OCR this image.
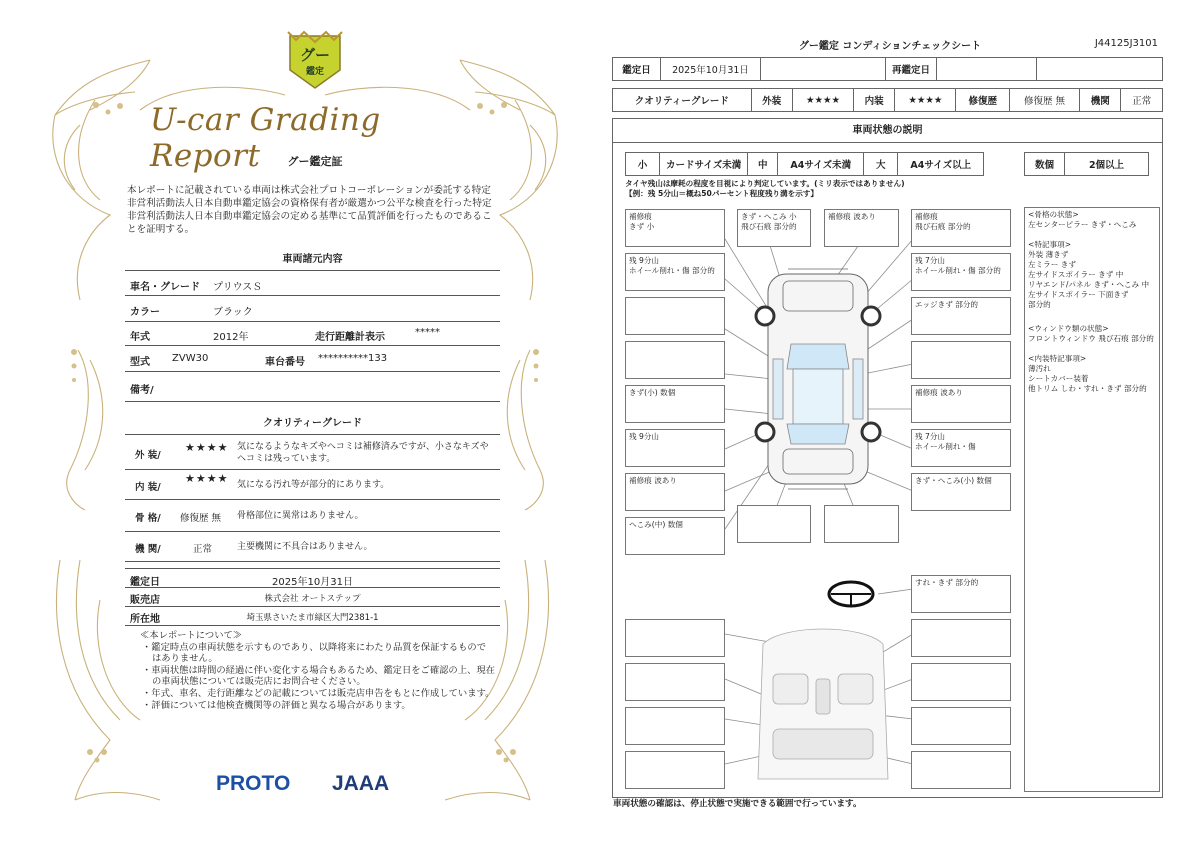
グー
鑑定
U-car Grading Report	グー鑑定証
本レポートに記載されている車両は株式会社プロトコーポレーションが委託する特定非営利活動法人日本自動車鑑定協会の資格保有者が厳選かつ公平な検査を行った特定非営利活動法人日本自動車鑑定協会の定める基準にて品質評価を行ったものであることを証明する。
車両諸元内容
車名・グレード プリウスＳ
カラー	ブラック
年式	2012年	走行距離計表示	*****
型式 ZVW30	車台番号 **********133
備考/
クオリティーグレード
外 装/
★★★★ 気になるようなキズやヘコミは補修済みですが、小さなキズやヘコミは残っています。
内 装/
★★★★ 気になる汚れ等が部分的にあります。
骨 格/ 修復歴 無 骨格部位に異常はありません。
機 関/	正常	主要機関に不具合はありません。
鑑定日	2025年10月31日
販売店	株式会社 オートステップ
所在地	埼玉県さいたま市緑区大門2381-1
≪本レポートについて≫
・鑑定時点の車両状態を示すものであり、以降将来にわたり品質を保証するものではありません。
・車両状態は時間の経過に伴い変化する場合もあるため、鑑定日をご確認の上、現在の車両状態については販売店にお問合せください。
・年式、車名、走行距離などの記載については販売店申告をもとに作成しています。
・評価については他検査機関等の評価と異なる場合があります。
PROTO JAAA
グー鑑定 コンディションチェックシート	J44125J3101
鑑定日	2025年10月31日		再鑑定日		
クオリティーグレード	外装	★★★★	内装	★★★★	修復歴	修復歴 無	機関	正常
車両状態の説明
小	カードサイズ未満	中	A4サイズ未満	大	A4サイズ以上	数個	2個以上
タイヤ残山は摩耗の程度を目視により判定しています。(ミリ表示ではありません)
【例：残 5分山＝概ね50パーセント程度残り溝を示す】
補修痕
きず 小
残 9分山
ホイール削れ・傷 部分的
きず(小) 数個
残 9分山
補修痕 波あり
へこみ(中) 数個
きず・へこみ 小
飛び石痕 部分的
補修痕 波あり	補修痕
飛び石痕 部分的
残 7分山
ホイール削れ・傷 部分的
エッジきず 部分的
補修痕 波あり
残 7分山
ホイール削れ・傷
きず・へこみ(小) 数個
すれ・きず 部分的
<骨格の状態>
左センターピラー きず・へこみ
<特記事項>
外装 薄きず
左ミラー きず
左サイドスポイラー きず 中
リヤエンド/パネル きず・へこみ 中
左サイドスポイラー 下面きず
部分的
<ウィンドウ類の状態>
フロントウィンドウ 飛び石痕 部分的
<内装特記事項>
薄汚れ
シートカバー装着
他トリム しわ・すれ・きず 部分的
車両状態の確認は、停止状態で実施できる範囲で行っています。
